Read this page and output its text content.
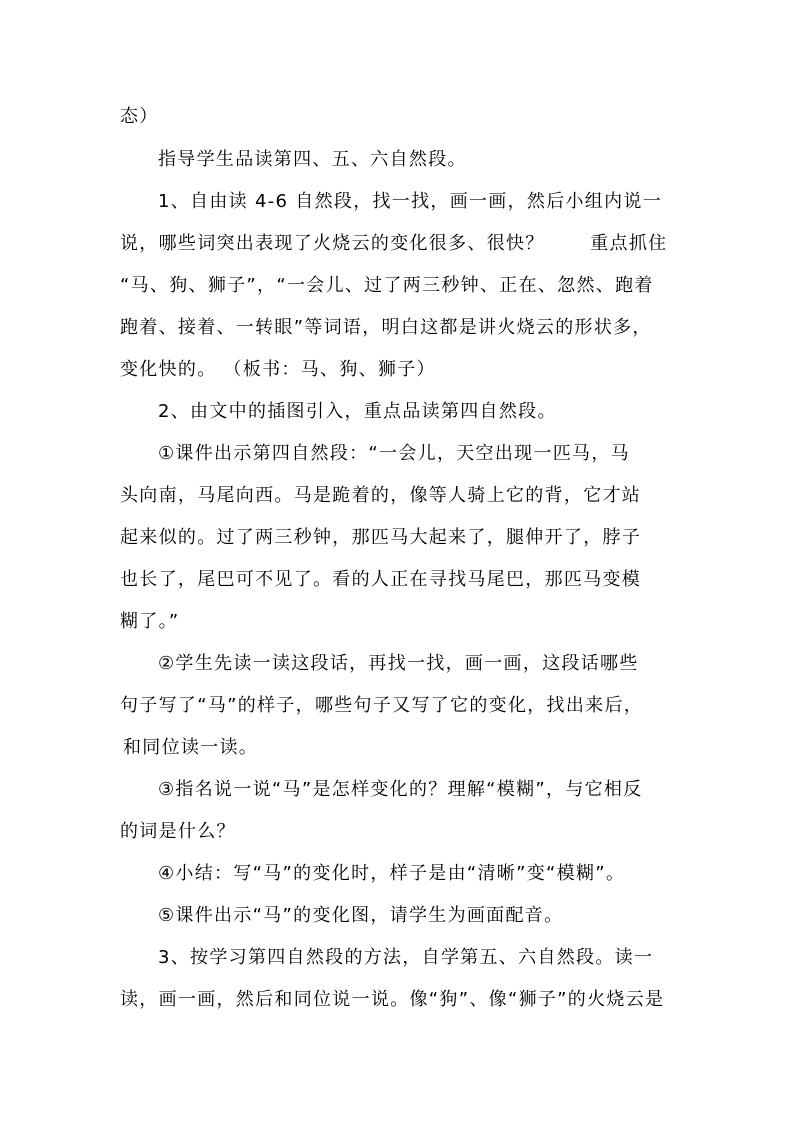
态）
指导学生品读第四、五、六自然段。
1、自由读 4-6 自然段，找一找，画一画，然后小组内说一
说，哪些词突出表现了火烧云的变化很多、很快？　　 重点抓住
“马、狗、狮子”，“一会儿、过了两三秒钟、正在、忽然、跑着
跑着、接着、一转眼”等词语，明白这都是讲火烧云的形状多，
变化快的。 （板书：马、狗、狮子）
2、由文中的插图引入，重点品读第四自然段。
①课件出示第四自然段：“一会儿，天空出现一匹马，马
头向南，马尾向西。马是跪着的，像等人骑上它的背，它才站
起来似的。过了两三秒钟，那匹马大起来了，腿伸开了，脖子
也长了，尾巴可不见了。看的人正在寻找马尾巴，那匹马变模
糊了。”
②学生先读一读这段话，再找一找，画一画，这段话哪些
句子写了“马”的样子，哪些句子又写了它的变化，找出来后，
和同位读一读。
③指名说一说“马”是怎样变化的？理解“模糊”，与它相反
的词是什么？
④小结：写“马”的变化时，样子是由“清晰”变“模糊”。
⑤课件出示“马”的变化图，请学生为画面配音。
3、按学习第四自然段的方法，自学第五、六自然段。读一
读，画一画，然后和同位说一说。像“狗”、像“狮子”的火烧云是
